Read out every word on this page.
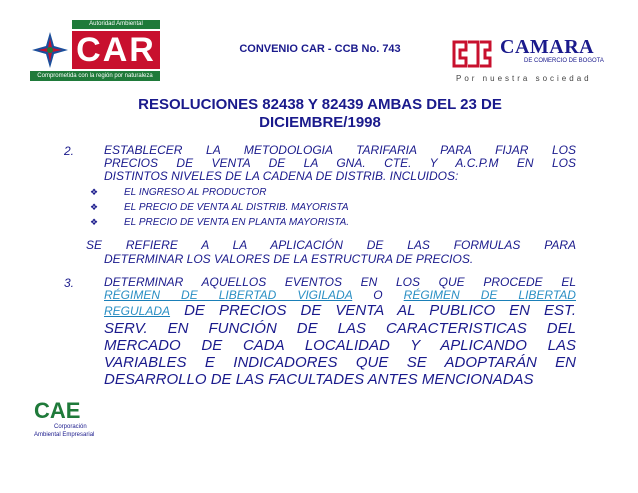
Autoridad Ambiental
CAR
Comprometida con la región por naturaleza
CONVENIO CAR - CCB No. 743	CAMARA
DE COMERCIO DE BOGOTA
Por nuestra sociedad
RESOLUCIONES 82438 Y 82439 AMBAS DEL 23 DE
DICIEMBRE/1998
2. ESTABLECER LA METODOLOGIA TARIFARIA PARA FIJAR LOS
PRECIOS DE VENTA DE LA GNA. CTE. Y A.C.P.M EN LOS
DISTINTOS NIVELES DE LA CADENA DE DISTRIB. INCLUIDOS:
❖	EL INGRESO AL PRODUCTOR
❖	EL PRECIO DE VENTA AL DISTRIB. MAYORISTA
❖	EL PRECIO DE VENTA EN PLANTA MAYORISTA.
SE REFIERE A LA APLICACIÓN DE LAS FORMULAS PARA
DETERMINAR LOS VALORES DE LA ESTRUCTURA DE PRECIOS.
3. DETERMINAR AQUELLOS EVENTOS EN LOS QUE PROCEDE EL
RÉGIMEN DE LIBERTAD VIGILADA O RÉGIMEN DE LIBERTAD
REGULADA DE PRECIOS DE VENTA AL PUBLICO EN EST.
SERV. EN FUNCIÓN DE LAS CARACTERISTICAS DEL
MERCADO DE CADA LOCALIDAD Y APLICANDO LAS
VARIABLES E INDICADORES QUE SE ADOPTARÁN EN
DESARROLLO DE LAS FACULTADES ANTES MENCIONADAS
CAE
Corporación
Ambiental Empresarial
